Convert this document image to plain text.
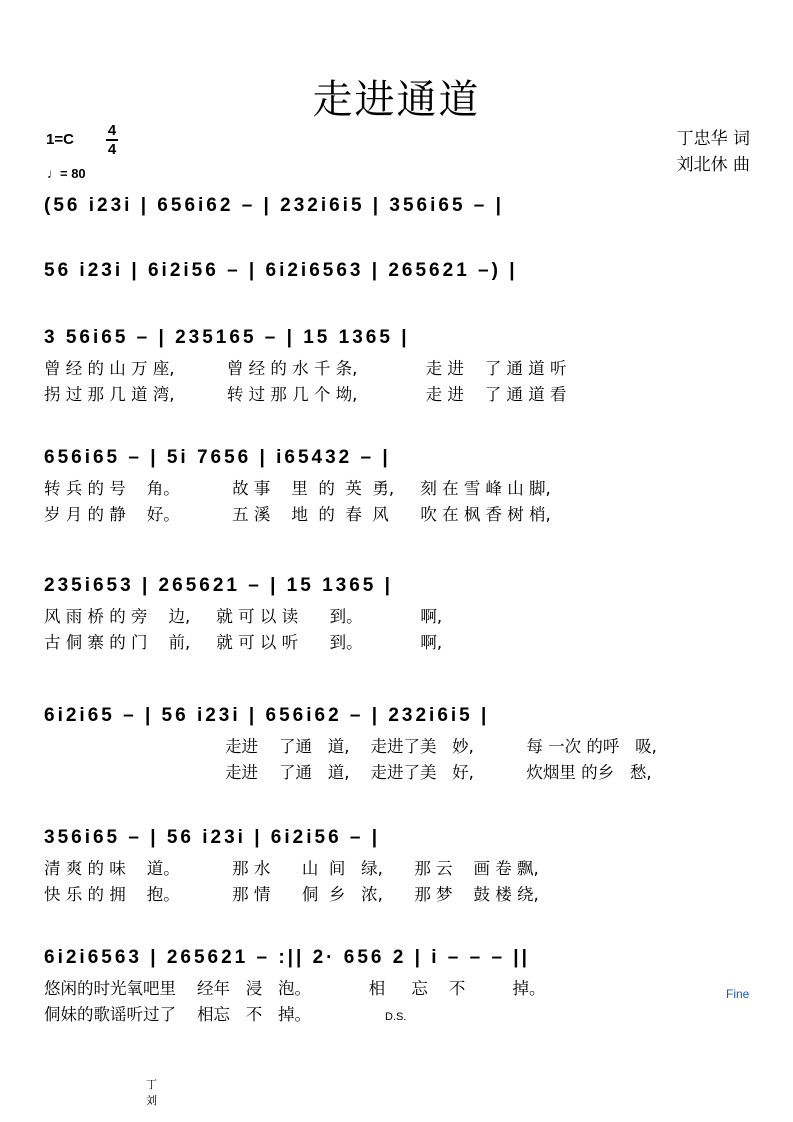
走进通道
1=C
4
4
♩= 80
丁忠华 词
刘北休 曲
(56 i23i | 656i62 – | 232i6i5 | 356i65 – |
56 i23i | 6i2i56 – | 6i2i6563 | 265621 –) |
3 56i65 – | 235165 – | 15 1365 |
曾 经 的 山 万 座,          曾 经 的 水 千 条,             走 进    了 通 道 听
拐 过 那 几 道 湾,          转 过 那 几 个 坳,             走 进    了 通 道 看
656i65 – | 5i 7656 | i65432 – |
转 兵 的 号    角。          故 事    里  的  英  勇,     刻 在 雪 峰 山 脚,
岁 月 的 静    好。          五 溪    地  的  春  风      吹 在 枫 香 树 梢,
235i653 | 265621 – | 15 1365 |
风 雨 桥 的 旁    边,     就 可 以 读      到。           啊,
古 侗 寨 的 门    前,     就 可 以 听      到。           啊,
6i2i65 – | 56 i23i | 656i62 – | 232i6i5 |
走进    了通   道,    走进了美   妙,          每 一次 的呼   吸,
走进    了通   道,    走进了美   好,          炊烟里 的乡   愁,
356i65 – | 56 i23i | 6i2i56 – |
清 爽 的 味    道。          那 水      山  间   绿,      那 云    画 卷 飘,
快 乐 的 拥    抱。          那 情      侗  乡   浓,      那 梦    鼓 楼 绕,
6i2i6563 | 265621 – :|| 2· 656 2 | i – – – ||
悠闲的时光氧吧里    经年   浸   泡。           相     忘    不         掉。
侗妹的歌谣听过了    相忘   不   掉。	D.S.
Fine
丁
刘
